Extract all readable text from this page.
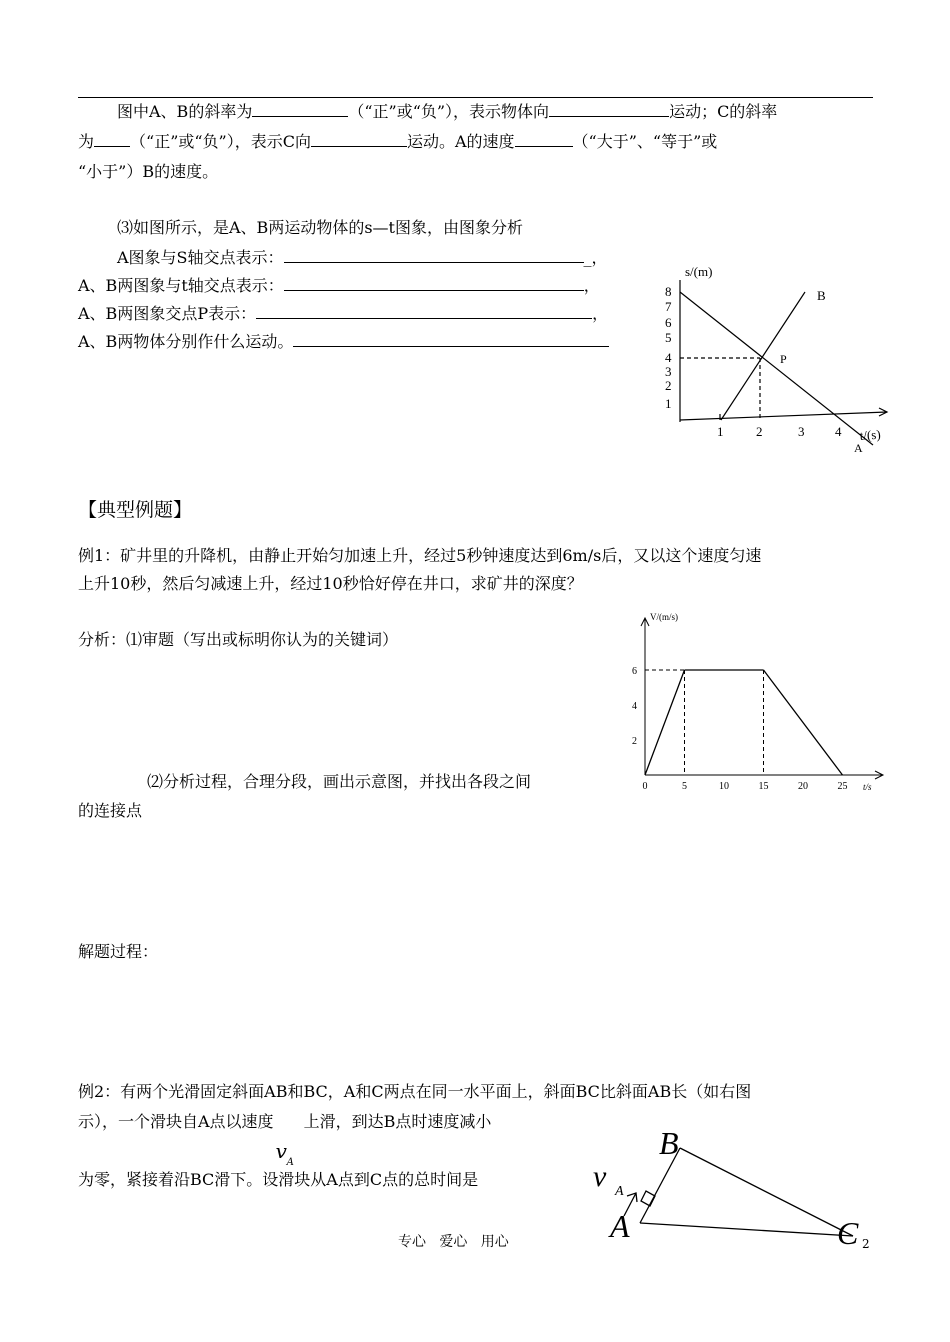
图中A、B的斜率为	（“正”或“负”），表示物体向	运动；C的斜率
为 （“正”或“负”），表示C向	运动。A的速度	（“大于”、“等于”或
“小于”）B的速度。
⑶如图所示，是A、B两运动物体的s—t图象，由图象分析
A图象与S轴交点表示：	_，
A、B两图象与t轴交点表示：	，
A、B两图象交点P表示：	，
A、B两物体分别作什么运动。
s/(m)
8
7
6
5
4
3
2
1
1	2	3 4
B
P
A
t/(s)
【典型例题】
例1：矿井里的升降机，由静止开始匀加速上升，经过5秒钟速度达到6m/s后，又以这个速度匀速
上升10秒，然后匀减速上升，经过10秒恰好停在井口，求矿井的深度？
分析：⑴审题（写出或标明你认为的关键词）
⑵分析过程，合理分段，画出示意图，并找出各段之间
的连接点
解题过程：
V/(m/s)
t/s
0	5	10	15	20	25
2
4
6
例2：有两个光滑固定斜面AB和BC，A和C两点在同一水平面上，斜面BC比斜面AB长（如右图
示），一个滑块自A点以速度
v A
上滑，到达B点时速度减小
为零，紧接着沿BC滑下。设滑块从A点到C点的总时间是
B
A	C
v A
专心   爱心   用心	2
